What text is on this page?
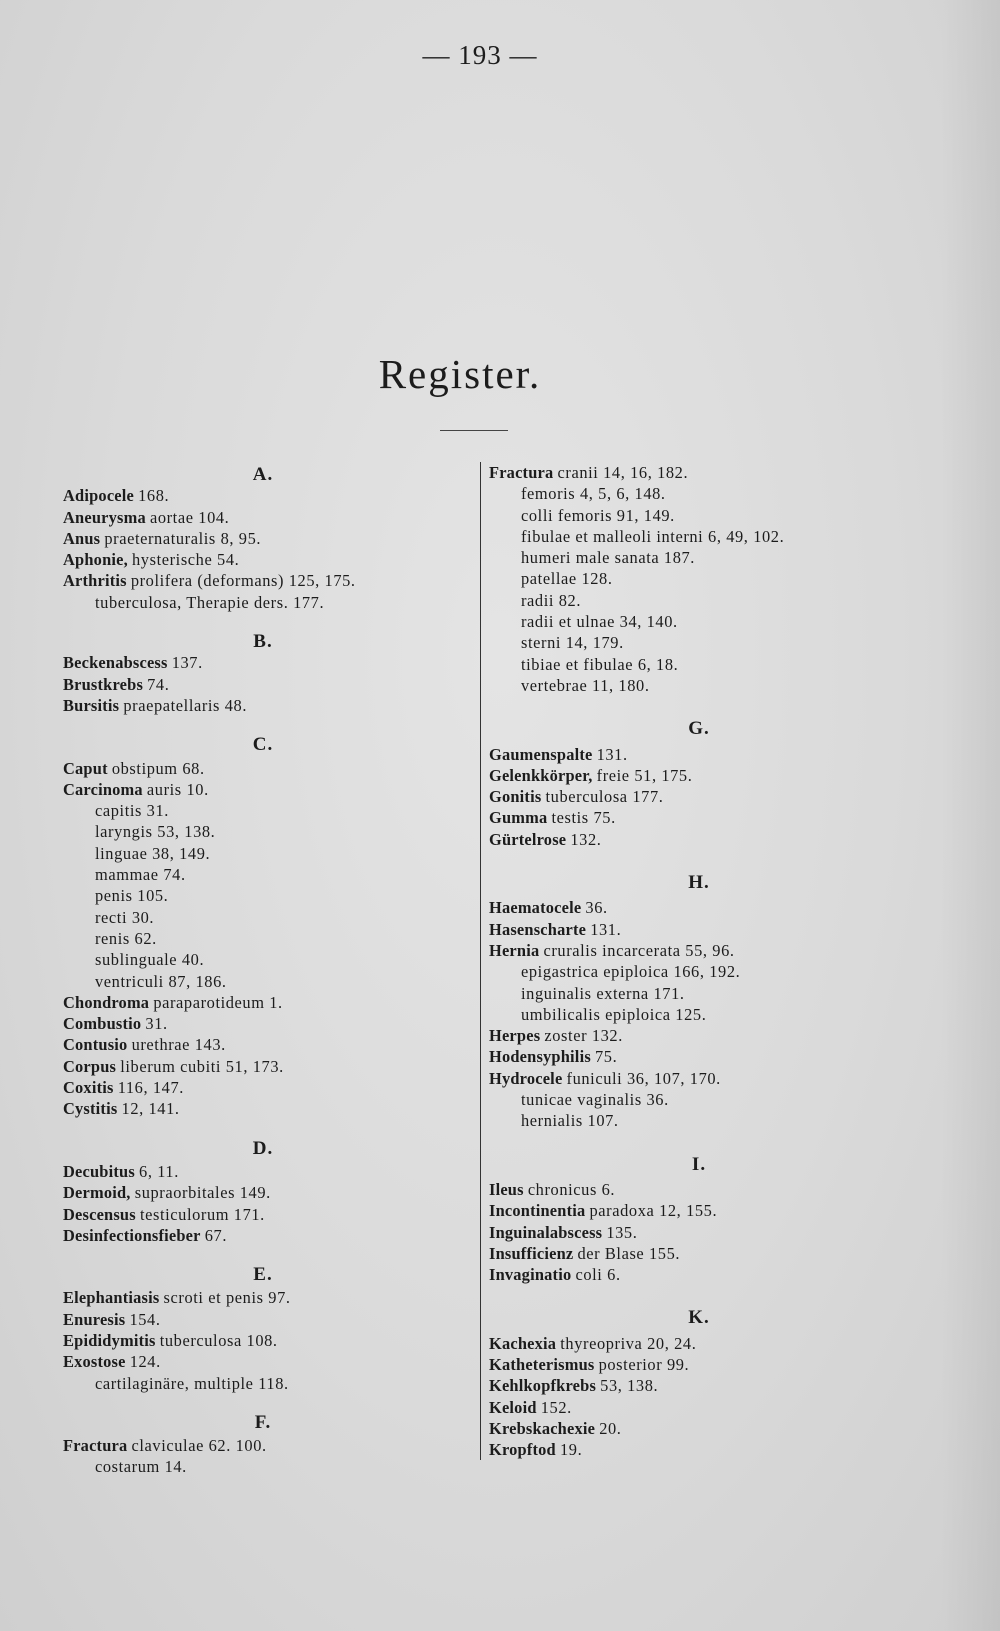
— 193 —
Register.
A.
Adipocele 168.
Aneurysma aortae 104.
Anus praeternaturalis 8, 95.
Aphonie, hysterische 54.
Arthritis prolifera (deformans) 125, 175.
tuberculosa, Therapie ders. 177.
B.
Beckenabscess 137.
Brustkrebs 74.
Bursitis praepatellaris 48.
C.
Caput obstipum 68.
Carcinoma auris 10.
capitis 31.
laryngis 53, 138.
linguae 38, 149.
mammae 74.
penis 105.
recti 30.
renis 62.
sublinguale 40.
ventriculi 87, 186.
Chondroma paraparotideum 1.
Combustio 31.
Contusio urethrae 143.
Corpus liberum cubiti 51, 173.
Coxitis 116, 147.
Cystitis 12, 141.
D.
Decubitus 6, 11.
Dermoid, supraorbitales 149.
Descensus testiculorum 171.
Desinfectionsfieber 67.
E.
Elephantiasis scroti et penis 97.
Enuresis 154.
Epididymitis tuberculosa 108.
Exostose 124.
cartilaginäre, multiple 118.
F.
Fractura claviculae 62. 100.
costarum 14.
Fractura cranii 14, 16, 182.
femoris 4, 5, 6, 148.
colli femoris 91, 149.
fibulae et malleoli interni 6, 49, 102.
humeri male sanata 187.
patellae 128.
radii 82.
radii et ulnae 34, 140.
sterni 14, 179.
tibiae et fibulae 6, 18.
vertebrae 11, 180.
G.
Gaumenspalte 131.
Gelenkkörper, freie 51, 175.
Gonitis tuberculosa 177.
Gumma testis 75.
Gürtelrose 132.
H.
Haematocele 36.
Hasenscharte 131.
Hernia cruralis incarcerata 55, 96.
epigastrica epiploica 166, 192.
inguinalis externa 171.
umbilicalis epiploica 125.
Herpes zoster 132.
Hodensyphilis 75.
Hydrocele funiculi 36, 107, 170.
tunicae vaginalis 36.
hernialis 107.
I.
Ileus chronicus 6.
Incontinentia paradoxa 12, 155.
Inguinalabscess 135.
Insufficienz der Blase 155.
Invaginatio coli 6.
K.
Kachexia thyreopriva 20, 24.
Katheterismus posterior 99.
Kehlkopfkrebs 53, 138.
Keloid 152.
Krebskachexie 20.
Kropftod 19.
